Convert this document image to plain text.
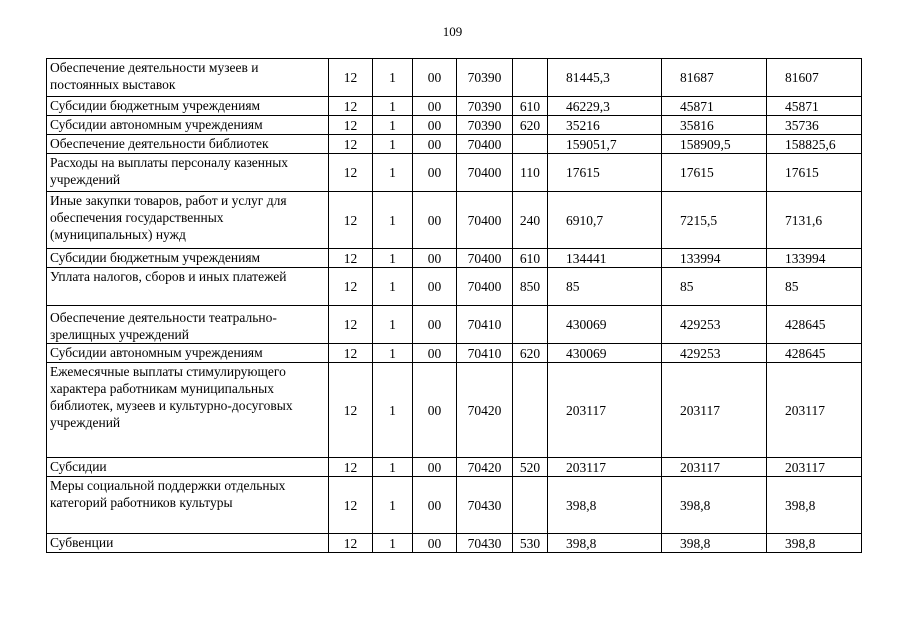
109
Обеспечение деятельности музеев и постоянных выставок	12	1	00	70390		81445,3	81687	81607
Субсидии бюджетным учреждениям	12	1	00	70390	610	46229,3	45871	45871
Субсидии автономным учреждениям	12	1	00	70390	620	35216	35816	35736
Обеспечение деятельности библиотек	12	1	00	70400		159051,7	158909,5	158825,6
Расходы на выплаты персоналу казенных учреждений	12	1	00	70400	110	17615	17615	17615
Иные закупки товаров, работ и услуг для обеспечения государственных (муниципальных) нужд	12	1	00	70400	240	6910,7	7215,5	7131,6
Субсидии бюджетным учреждениям	12	1	00	70400	610	134441	133994	133994
Уплата налогов, сборов и иных платежей	12	1	00	70400	850	85	85	85
Обеспечение деятельности театрально-зрелищных учреждений	12	1	00	70410		430069	429253	428645
Субсидии автономным учреждениям	12	1	00	70410	620	430069	429253	428645
Ежемесячные выплаты стимулирующего характера работникам муниципальных библиотек, музеев и культурно-досуговых учреждений	12	1	00	70420		203117	203117	203117
Субсидии	12	1	00	70420	520	203117	203117	203117
Меры социальной поддержки отдельных категорий работников культуры	12	1	00	70430		398,8	398,8	398,8
Субвенции	12	1	00	70430	530	398,8	398,8	398,8
